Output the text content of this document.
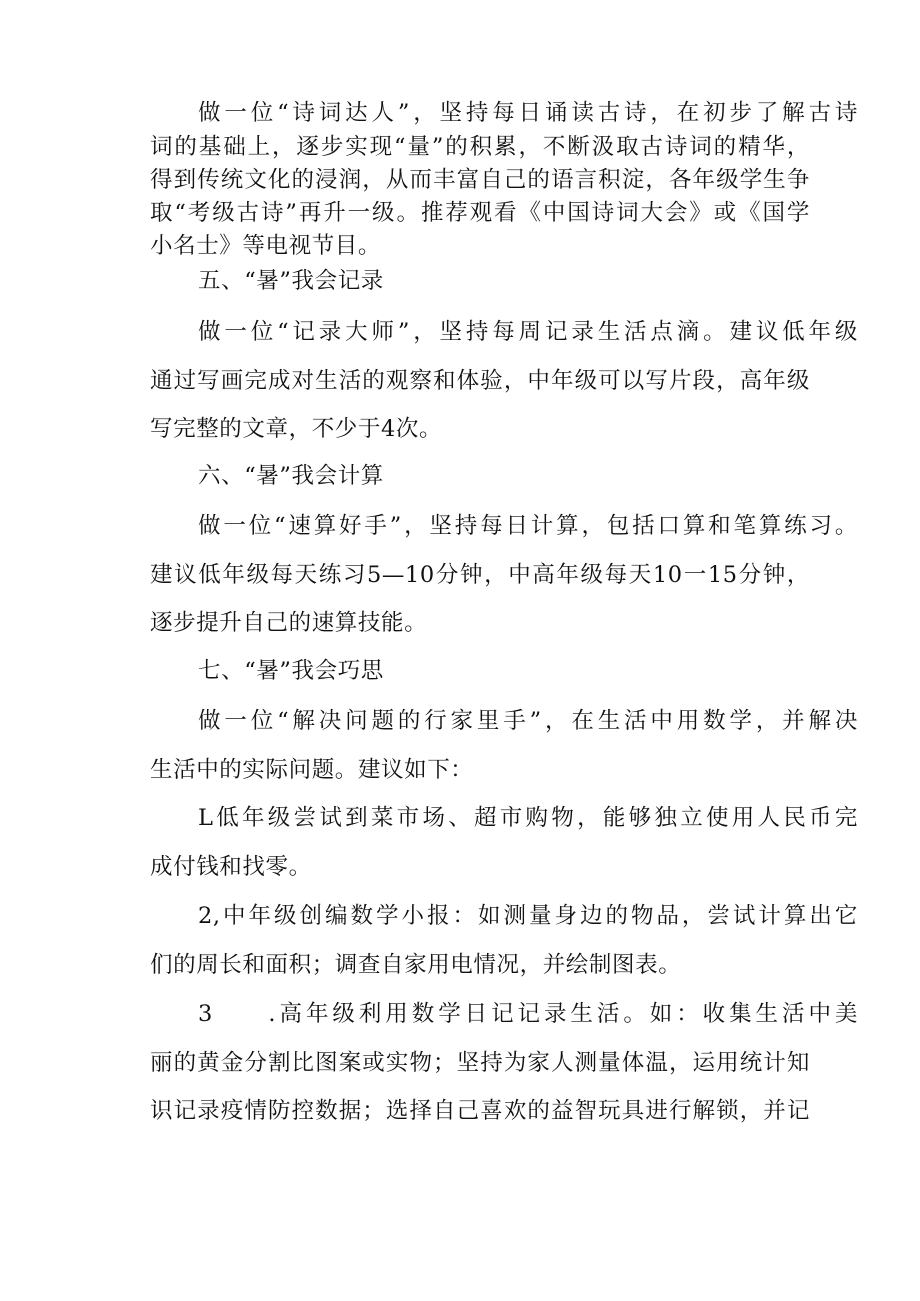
做一位“诗词达人”，坚持每日诵读古诗，在初步了解古诗
词的基础上，逐步实现“量”的积累，不断汲取古诗词的精华，
得到传统文化的浸润，从而丰富自己的语言积淀，各年级学生争
取“考级古诗”再升一级。推荐观看《中国诗词大会》或《国学
小名士》等电视节目。
五、“暑”我会记录
做一位“记录大师”，坚持每周记录生活点滴。建议低年级
通过写画完成对生活的观察和体验，中年级可以写片段，高年级
写完整的文章，不少于4次。
六、“暑”我会计算
做一位“速算好手”，坚持每日计算，包括口算和笔算练习。
建议低年级每天练习5—10分钟，中高年级每天10一15分钟，
逐步提升自己的速算技能。
七、“暑”我会巧思
做一位“解决问题的行家里手”，在生活中用数学，并解决
生活中的实际问题。建议如下：
L低年级尝试到菜市场、超市购物，能够独立使用人民币完
成付钱和找零。
2,中年级创编数学小报：如测量身边的物品，尝试计算出它
们的周长和面积；调查自家用电情况，并绘制图表。
3     .高年级利用数学日记记录生活。如：收集生活中美
丽的黄金分割比图案或实物；坚持为家人测量体温，运用统计知
识记录疫情防控数据；选择自己喜欢的益智玩具进行解锁，并记
